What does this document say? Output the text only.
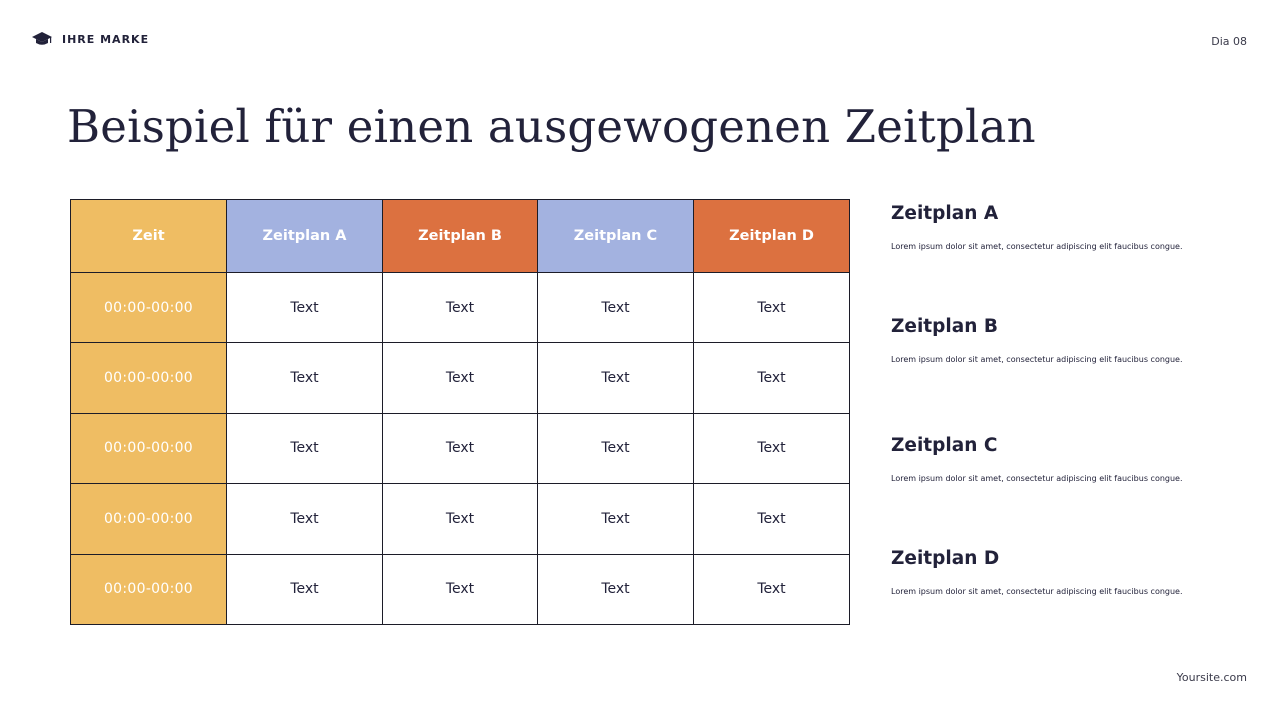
IHRE MARKE	Dia 08
Beispiel für einen ausgewogenen Zeitplan
Zeit	Zeitplan A	Zeitplan B	Zeitplan C	Zeitplan D
00:00-00:00	Text	Text	Text	Text
00:00-00:00	Text	Text	Text	Text
00:00-00:00	Text	Text	Text	Text
00:00-00:00	Text	Text	Text	Text
00:00-00:00	Text	Text	Text	Text
Zeitplan A

Lorem ipsum dolor sit amet, consectetur adipiscing elit faucibus congue.

Zeitplan B

Lorem ipsum dolor sit amet, consectetur adipiscing elit faucibus congue.

Zeitplan C

Lorem ipsum dolor sit amet, consectetur adipiscing elit faucibus congue.

Zeitplan D

Lorem ipsum dolor sit amet, consectetur adipiscing elit faucibus congue.

Yoursite.com
